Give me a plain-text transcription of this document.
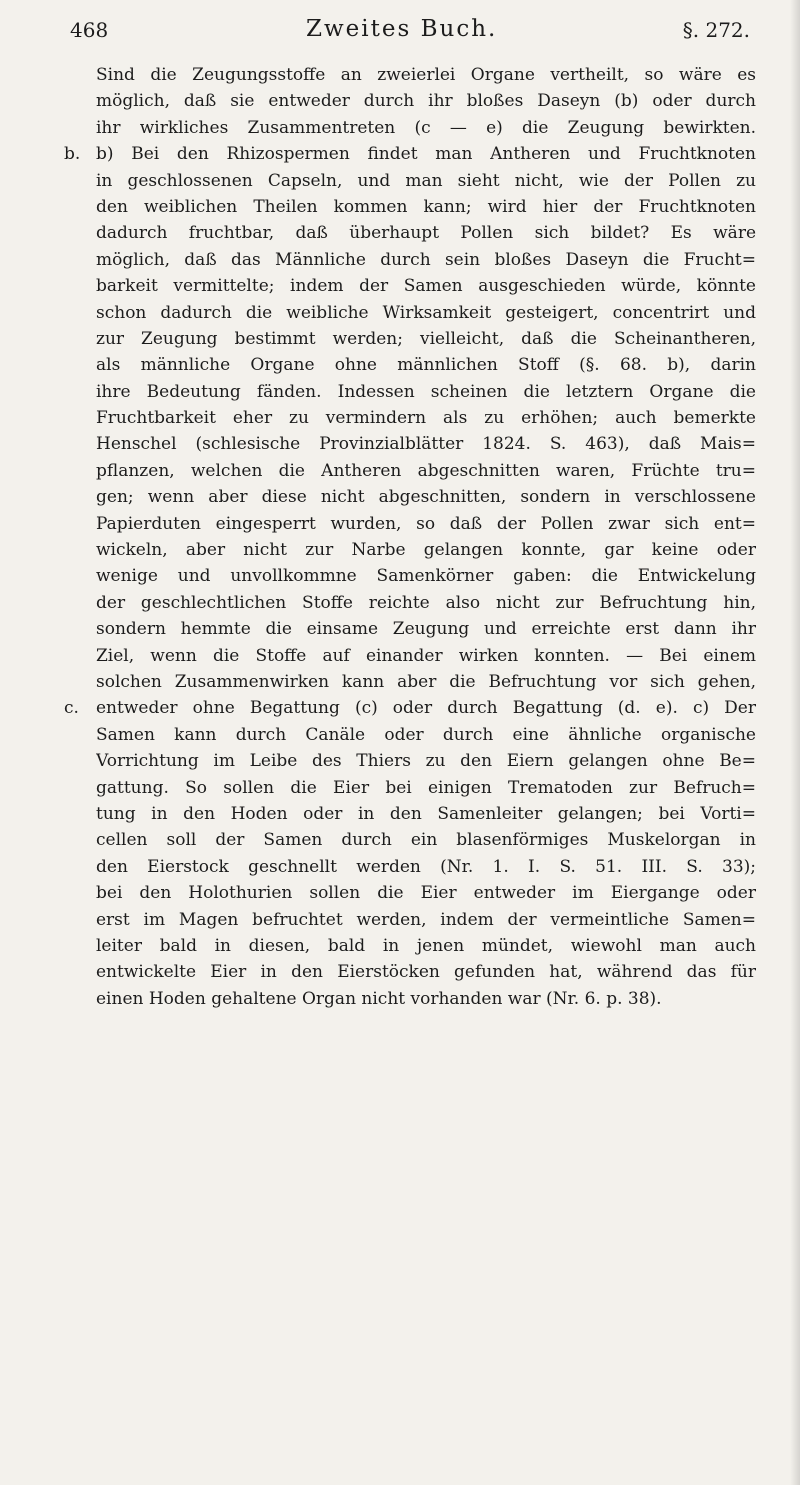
468	Zweites Buch.	§. 272.
b.
c.
Sind die Zeugungsstoffe an zweierlei Organe vertheilt, so wäre es
möglich, daß sie entweder durch ihr bloßes Daseyn (b) oder durch
ihr wirkliches Zusammentreten (c — e) die Zeugung bewirkten.
b) Bei den Rhizospermen findet man Antheren und Fruchtknoten
in geschlossenen Capseln, und man sieht nicht, wie der Pollen zu
den weiblichen Theilen kommen kann; wird hier der Fruchtknoten
dadurch fruchtbar, daß überhaupt Pollen sich bildet? Es wäre
möglich, daß das Männliche durch sein bloßes Daseyn die Frucht=
barkeit vermittelte; indem der Samen ausgeschieden würde, könnte
schon dadurch die weibliche Wirksamkeit gesteigert, concentrirt und
zur Zeugung bestimmt werden; vielleicht, daß die Scheinantheren,
als männliche Organe ohne männlichen Stoff (§. 68. b), darin
ihre Bedeutung fänden. Indessen scheinen die letztern Organe die
Fruchtbarkeit eher zu vermindern als zu erhöhen; auch bemerkte
Henschel (schlesische Provinzialblätter 1824. S. 463), daß Mais=
pflanzen, welchen die Antheren abgeschnitten waren, Früchte tru=
gen; wenn aber diese nicht abgeschnitten, sondern in verschlossene
Papierduten eingesperrt wurden, so daß der Pollen zwar sich ent=
wickeln, aber nicht zur Narbe gelangen konnte, gar keine oder
wenige und unvollkommne Samenkörner gaben: die Entwickelung
der geschlechtlichen Stoffe reichte also nicht zur Befruchtung hin,
sondern hemmte die einsame Zeugung und erreichte erst dann ihr
Ziel, wenn die Stoffe auf einander wirken konnten. — Bei einem
solchen Zusammenwirken kann aber die Befruchtung vor sich gehen,
entweder ohne Begattung (c) oder durch Begattung (d. e). c) Der
Samen kann durch Canäle oder durch eine ähnliche organische
Vorrichtung im Leibe des Thiers zu den Eiern gelangen ohne Be=
gattung. So sollen die Eier bei einigen Trematoden zur Befruch=
tung in den Hoden oder in den Samenleiter gelangen; bei Vorti=
cellen soll der Samen durch ein blasenförmiges Muskelorgan in
den Eierstock geschnellt werden (Nr. 1. I. S. 51. III. S. 33);
bei den Holothurien sollen die Eier entweder im Eiergange oder
erst im Magen befruchtet werden, indem der vermeintliche Samen=
leiter bald in diesen, bald in jenen mündet, wiewohl man auch
entwickelte Eier in den Eierstöcken gefunden hat, während das für
einen Hoden gehaltene Organ nicht vorhanden war (Nr. 6. p. 38).
